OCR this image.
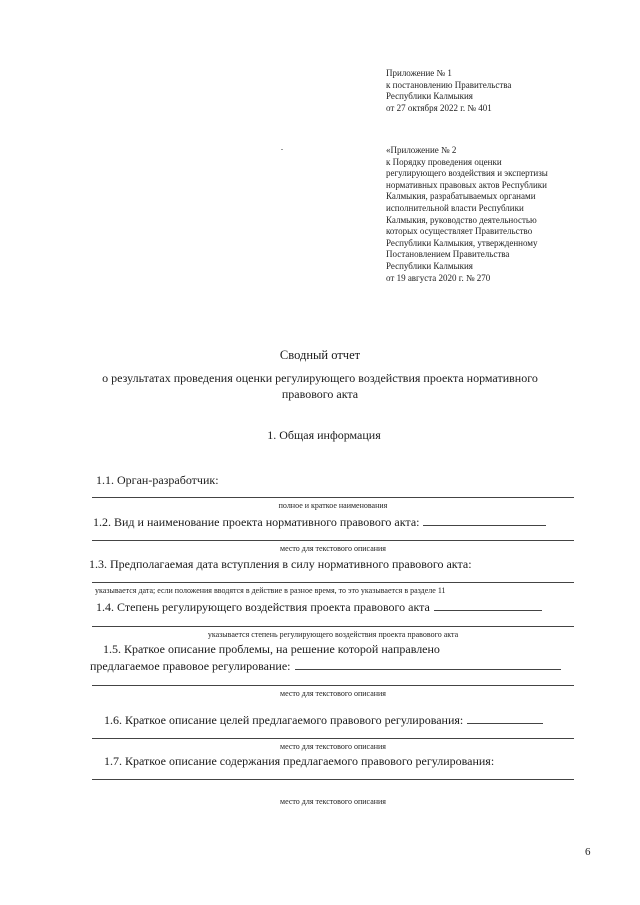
Приложение № 1
к постановлению Правительства
Республики Калмыкия
от 27 октября 2022 г. № 401
«Приложение № 2
к Порядку проведения оценки
регулирующего воздействия и экспертизы
нормативных правовых актов Республики
Калмыкия, разрабатываемых органами
исполнительной власти Республики
Калмыкия, руководство деятельностью
которых осуществляет Правительство
Республики Калмыкия, утвержденному
Постановлением Правительства
Республики Калмыкия
от 19 августа 2020 г. № 270
Сводный отчет
о результатах проведения оценки регулирующего воздействия проекта нормативного
правового акта
1. Общая информация
1.1. Орган-разработчик:
полное и краткое наименования
1.2. Вид и наименование проекта нормативного правового акта:
место для текстового описания
1.3. Предполагаемая дата вступления в силу нормативного правового акта:
указывается дата; если положения вводятся в действие в разное время, то это указывается в разделе 11
1.4. Степень регулирующего воздействия проекта правового акта
указывается степень регулирующего воздействия проекта правового акта
1.5. Краткое описание проблемы, на решение которой направлено
предлагаемое правовое регулирование:
место для текстового описания
1.6. Краткое описание целей предлагаемого правового регулирования:
место для текстового описания
1.7. Краткое описание содержания предлагаемого правового регулирования:
место для текстового описания
6
